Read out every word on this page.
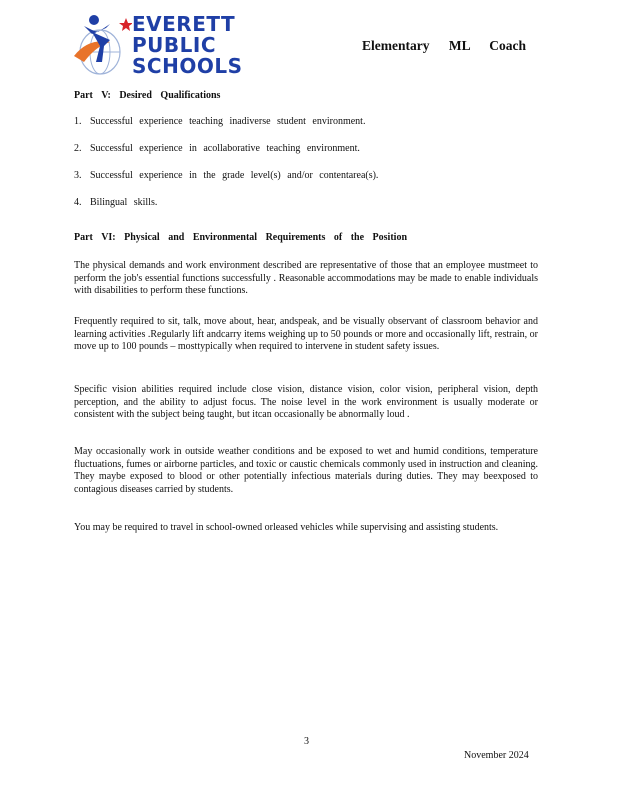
EVERETT
PUBLIC
SCHOOLS
Elementary ML Coach
Part V: Desired Qualifications
1. Successful experience teaching inadiverse student environment.
2. Successful experience in acollaborative teaching environment.
3. Successful experience in the grade level(s) and/or contentarea(s).
4. Bilingual skills.
Part VI: Physical and Environmental Requirements of the Position

The physical demands and work environment described are representative of those that an employee mustmeet to perform the job's essential functions successfully . Reasonable accommodations may be made to enable individuals with disabilities to perform these functions.

Frequently required to sit, talk, move about, hear, andspeak, and be visually observant of classroom behavior and learning activities .Regularly lift andcarry items weighing up to 50 pounds or more and occasionally lift, restrain, or move up to 100 pounds – mosttypically when required to intervene in student safety issues.

Specific vision abilities required include close vision, distance vision, color vision, peripheral vision, depth perception, and the ability to adjust focus. The noise level in the work environment is usually moderate or consistent with the subject being taught, but itcan occasionally be abnormally loud .

May occasionally work in outside weather conditions and be exposed to wet and humid conditions, temperature fluctuations, fumes or airborne particles, and toxic or caustic chemicals commonly used in instruction and cleaning. They maybe exposed to blood or other potentially infectious materials during duties. They may beexposed to contagious diseases carried by students.

You may be required to travel in school-owned orleased vehicles while supervising and assisting students.

3
November 2024
